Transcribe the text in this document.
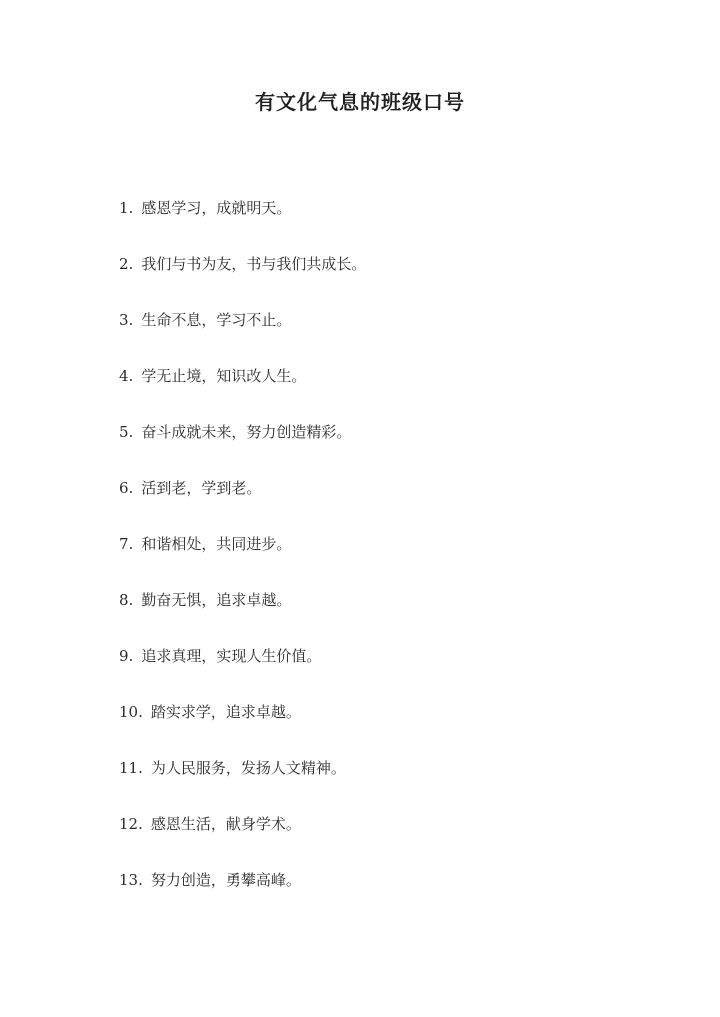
有文化气息的班级口号
1. 感恩学习，成就明天。
2. 我们与书为友，书与我们共成长。
3. 生命不息，学习不止。
4. 学无止境，知识改人生。
5. 奋斗成就未来，努力创造精彩。
6. 活到老，学到老。
7. 和谐相处，共同进步。
8. 勤奋无惧，追求卓越。
9. 追求真理，实现人生价值。
10. 踏实求学，追求卓越。
11. 为人民服务，发扬人文精神。
12. 感恩生活，献身学术。
13. 努力创造，勇攀高峰。
